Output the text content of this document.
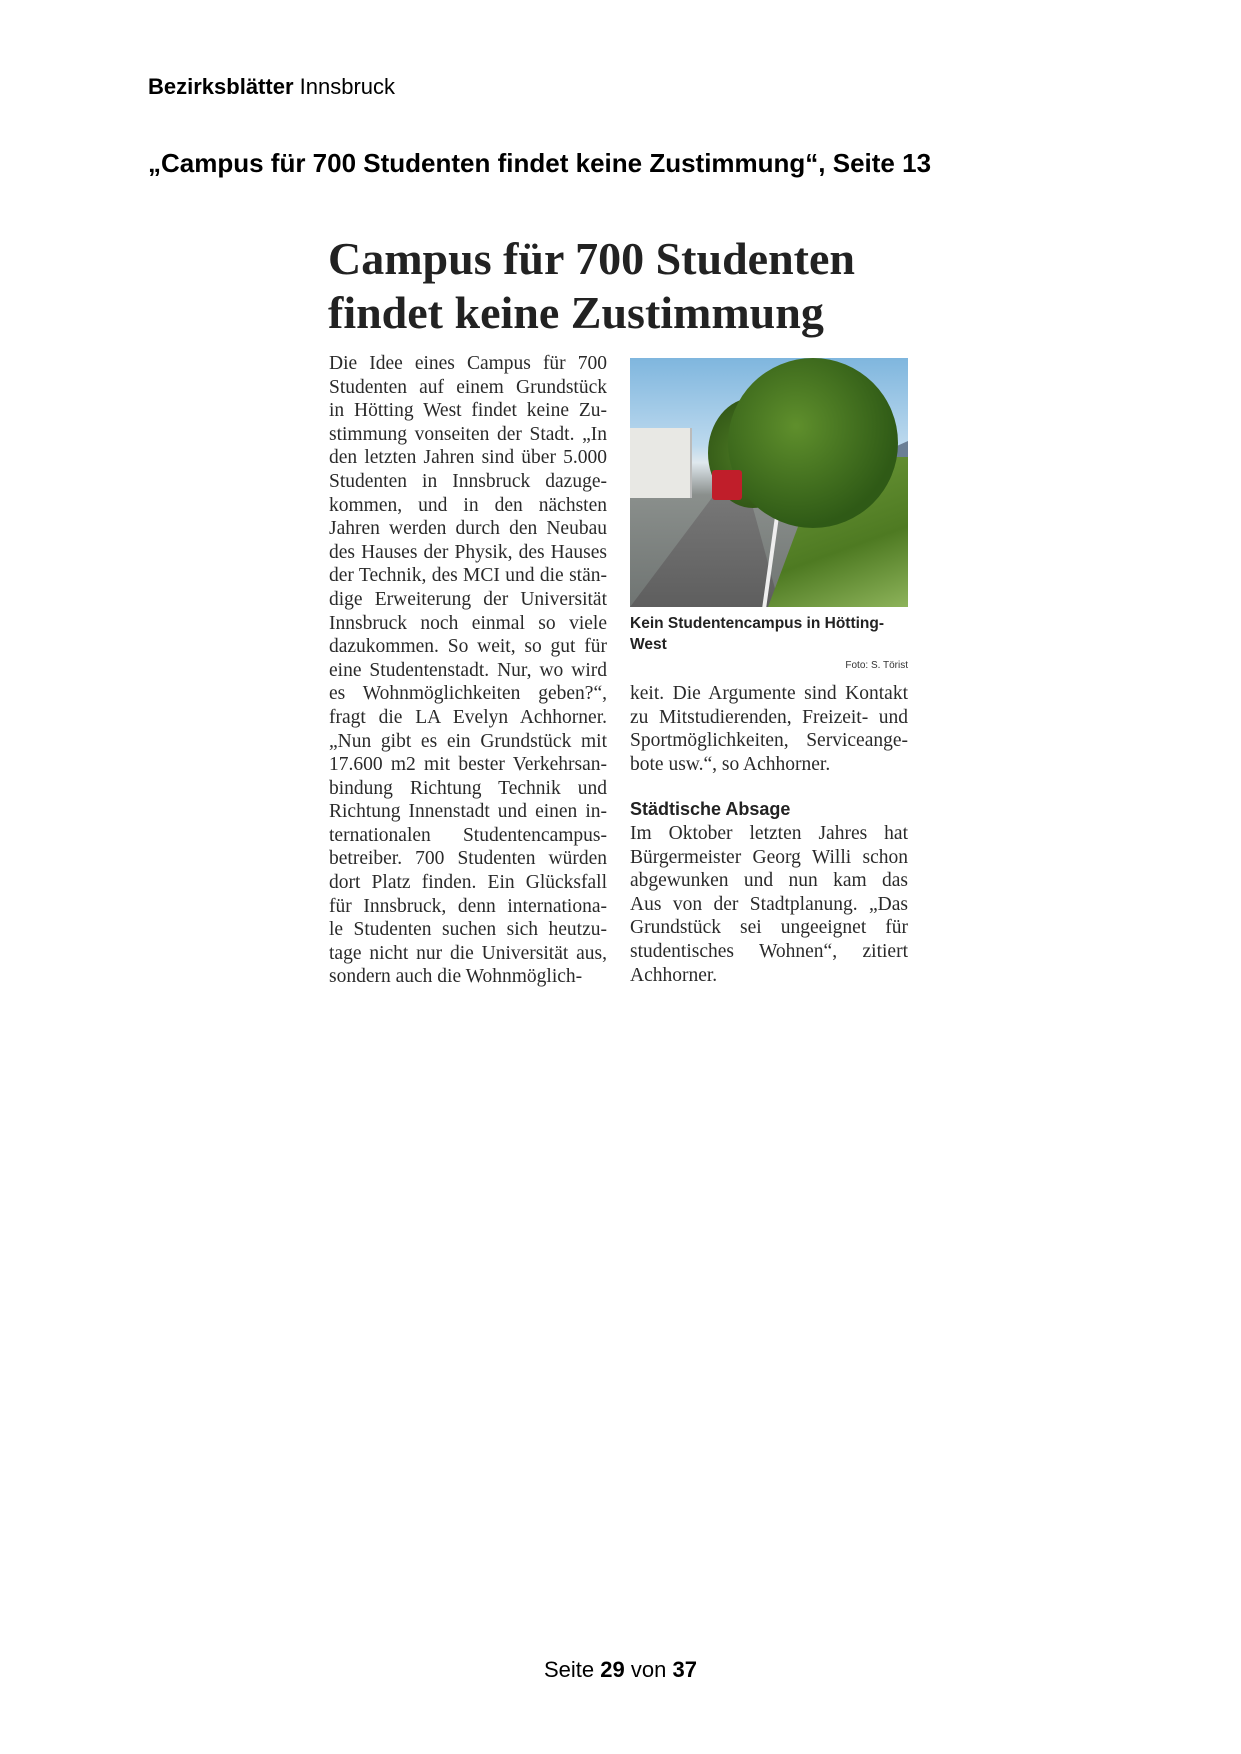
Bezirksblätter Innsbruck
„Campus für 700 Studenten findet keine Zustimmung“, Seite 13
Campus für 700 Studenten
findet keine Zustimmung
Die Idee eines Campus für 700
Studenten auf einem Grundstück
in Hötting West findet keine Zu-
stimmung vonseiten der Stadt. „In
den letzten Jahren sind über 5.000
Studenten in Innsbruck dazuge-
kommen, und in den nächsten
Jahren werden durch den Neubau
des Hauses der Physik, des Hauses
der Technik, des MCI und die stän-
dige Erweiterung der Universität
Innsbruck noch einmal so viele
dazukommen. So weit, so gut für
eine Studentenstadt. Nur, wo wird
es Wohnmöglichkeiten geben?“,
fragt die LA Evelyn Achhorner.
„Nun gibt es ein Grundstück mit
17.600 m2 mit bester Verkehrsan-
bindung Richtung Technik und
Richtung Innenstadt und einen in-
ternationalen Studentencampus-
betreiber. 700 Studenten würden
dort Platz finden. Ein Glücksfall
für Innsbruck, denn internationa-
le Studenten suchen sich heutzu-
tage nicht nur die Universität aus,
sondern auch die Wohnmöglich-
Kein Studentencampus in Hötting-West
Foto: S. Törist
keit. Die Argumente sind Kontakt
zu Mitstudierenden, Freizeit- und
Sportmöglichkeiten, Serviceange-
bote usw.“, so Achhorner.
Städtische Absage
Im Oktober letzten Jahres hat
Bürgermeister Georg Willi schon
abgewunken und nun kam das
Aus von der Stadtplanung. „Das
Grundstück sei ungeeignet für
studentisches Wohnen“, zitiert
Achhorner.
Seite 29 von 37
